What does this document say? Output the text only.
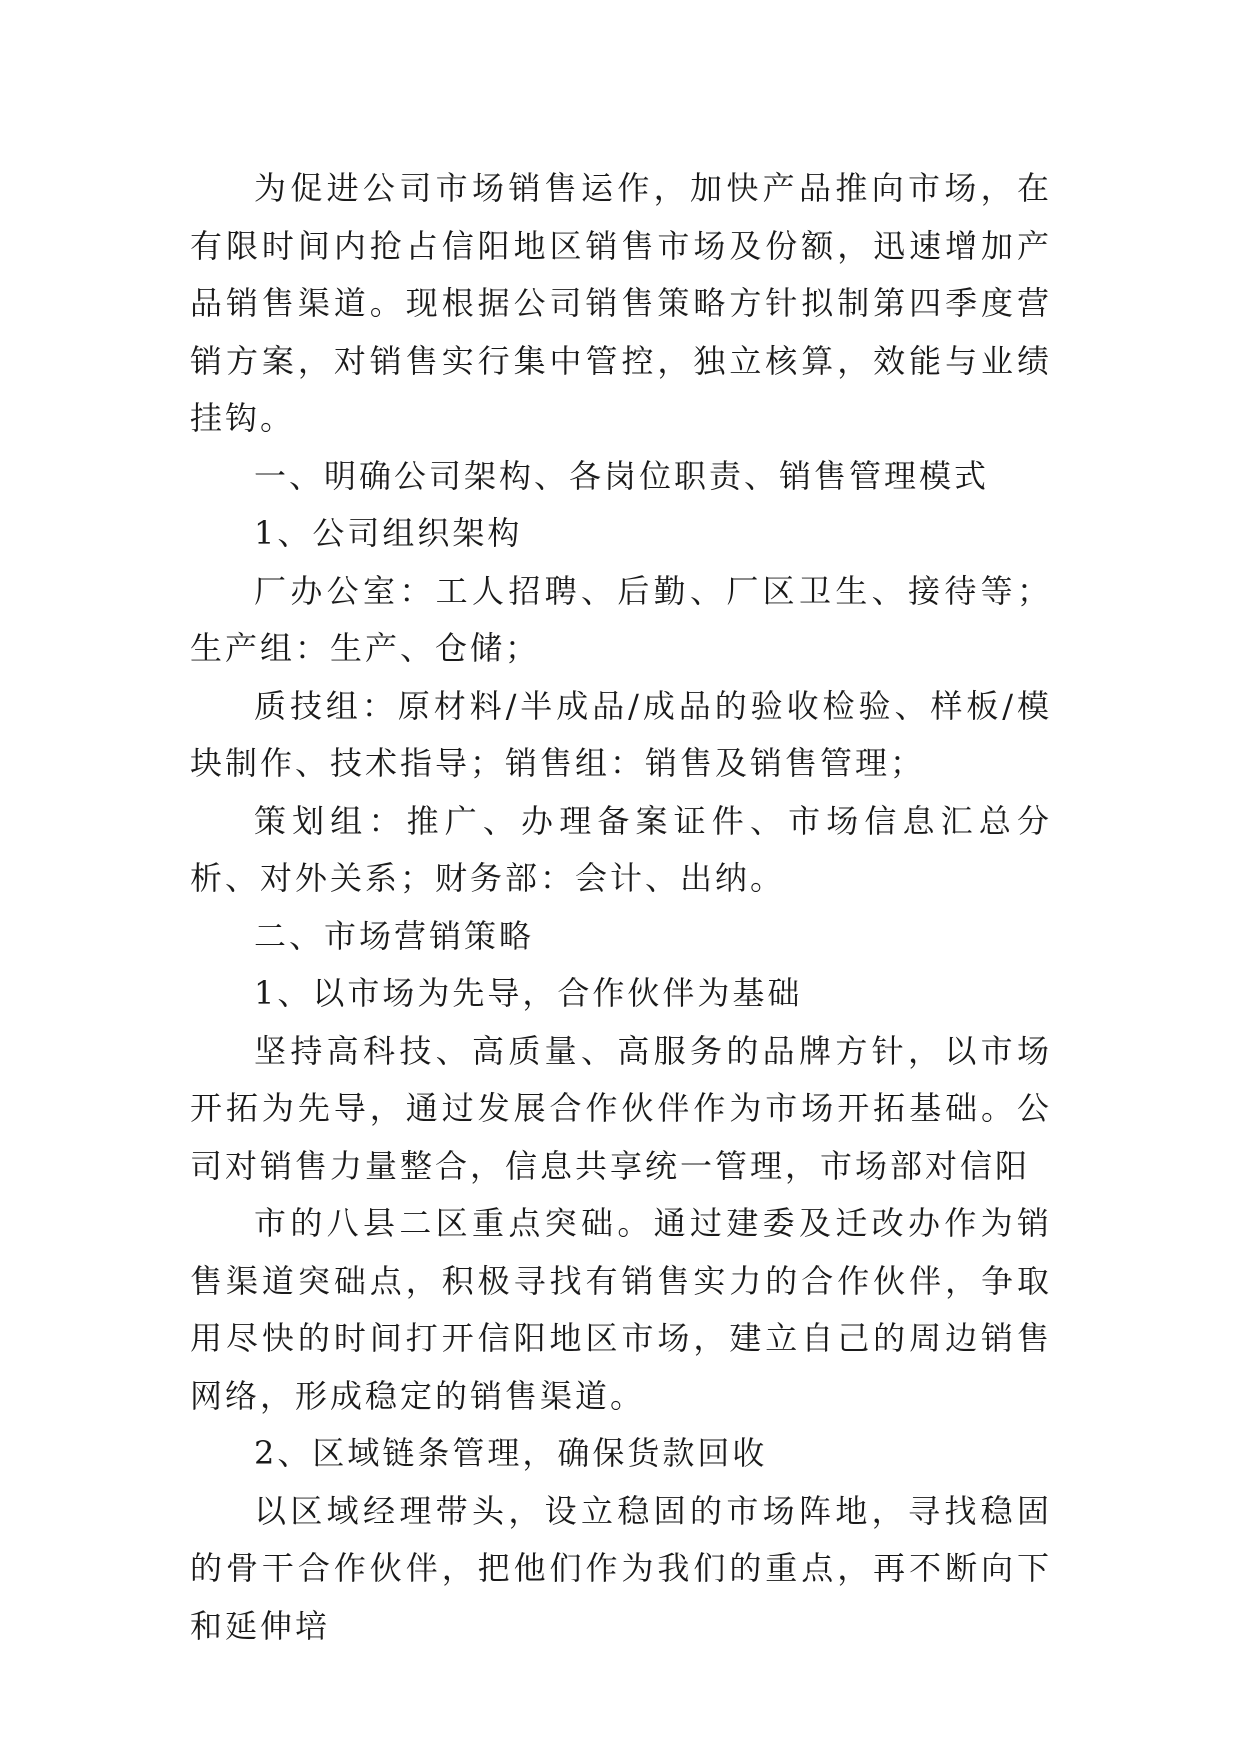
为促进公司市场销售运作，加快产品推向市场，在有限时间内抢占信阳地区销售市场及份额，迅速增加产品销售渠道。现根据公司销售策略方针拟制第四季度营销方案，对销售实行集中管控，独立核算，效能与业绩挂钩。

一、明确公司架构、各岗位职责、销售管理模式

1、公司组织架构

厂办公室：工人招聘、后勤、厂区卫生、接待等；生产组：生产、仓储；

质技组：原材料/半成品/成品的验收检验、样板/模块制作、技术指导；销售组：销售及销售管理；

策划组：推广、办理备案证件、市场信息汇总分析、对外关系；财务部：会计、出纳。

二、市场营销策略

1、以市场为先导，合作伙伴为基础

坚持高科技、高质量、高服务的品牌方针，以市场开拓为先导，通过发展合作伙伴作为市场开拓基础。公司对销售力量整合，信息共享统一管理，市场部对信阳

市的八县二区重点突础。通过建委及迁改办作为销售渠道突础点，积极寻找有销售实力的合作伙伴，争取用尽快的时间打开信阳地区市场，建立自己的周边销售网络，形成稳定的销售渠道。

2、区域链条管理，确保货款回收

以区域经理带头，设立稳固的市场阵地，寻找稳固的骨干合作伙伴，把他们作为我们的重点，再不断向下和延伸培
